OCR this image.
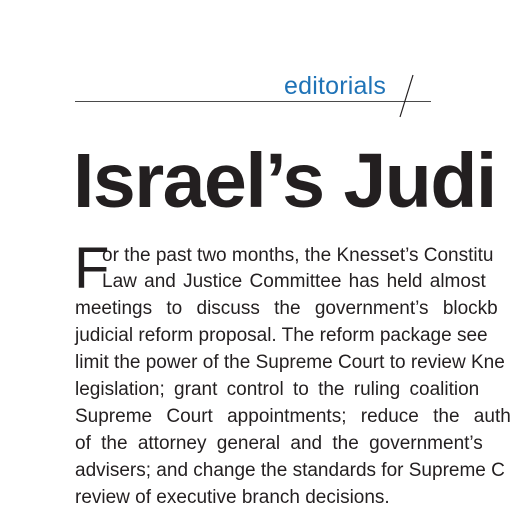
editorials
Israel’s Judi
F
or the past two months, the Knesset’s Constitu
Law and Justice Committee has held almost
meetings to discuss the government’s blockb
judicial reform proposal. The reform package see
limit the power of the Supreme Court to review Kne
legislation; grant control to the ruling coalition
Supreme Court appointments; reduce the auth
of the attorney general and the government’s
advisers; and change the standards for Supreme C
review of executive branch decisions.
